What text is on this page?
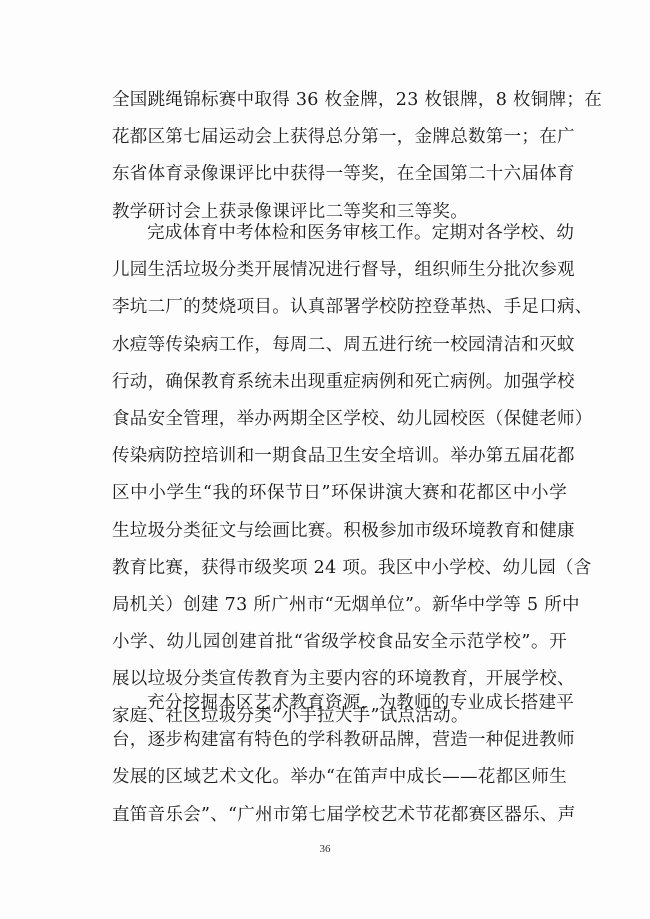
全国跳绳锦标赛中取得 36 枚金牌，23 枚银牌，8 枚铜牌；在
花都区第七届运动会上获得总分第一，金牌总数第一；在广
东省体育录像课评比中获得一等奖，在全国第二十六届体育
教学研讨会上获录像课评比二等奖和三等奖。
完成体育中考体检和医务审核工作。定期对各学校、幼
儿园生活垃圾分类开展情况进行督导，组织师生分批次参观
李坑二厂的焚烧项目。认真部署学校防控登革热、手足口病、
水痘等传染病工作，每周二、周五进行统一校园清洁和灭蚊
行动，确保教育系统未出现重症病例和死亡病例。加强学校
食品安全管理，举办两期全区学校、幼儿园校医（保健老师）
传染病防控培训和一期食品卫生安全培训。举办第五届花都
区中小学生“我的环保节日”环保讲演大赛和花都区中小学
生垃圾分类征文与绘画比赛。积极参加市级环境教育和健康
教育比赛，获得市级奖项 24 项。我区中小学校、幼儿园（含
局机关）创建 73 所广州市“无烟单位”。新华中学等 5 所中
小学、幼儿园创建首批“省级学校食品安全示范学校”。开
展以垃圾分类宣传教育为主要内容的环境教育，开展学校、
家庭、社区垃圾分类“小手拉大手”试点活动。
充分挖掘本区艺术教育资源，为教师的专业成长搭建平
台，逐步构建富有特色的学科教研品牌，营造一种促进教师
发展的区域艺术文化。举办“在笛声中成长——花都区师生
直笛音乐会”、“广州市第七届学校艺术节花都赛区器乐、声
36
